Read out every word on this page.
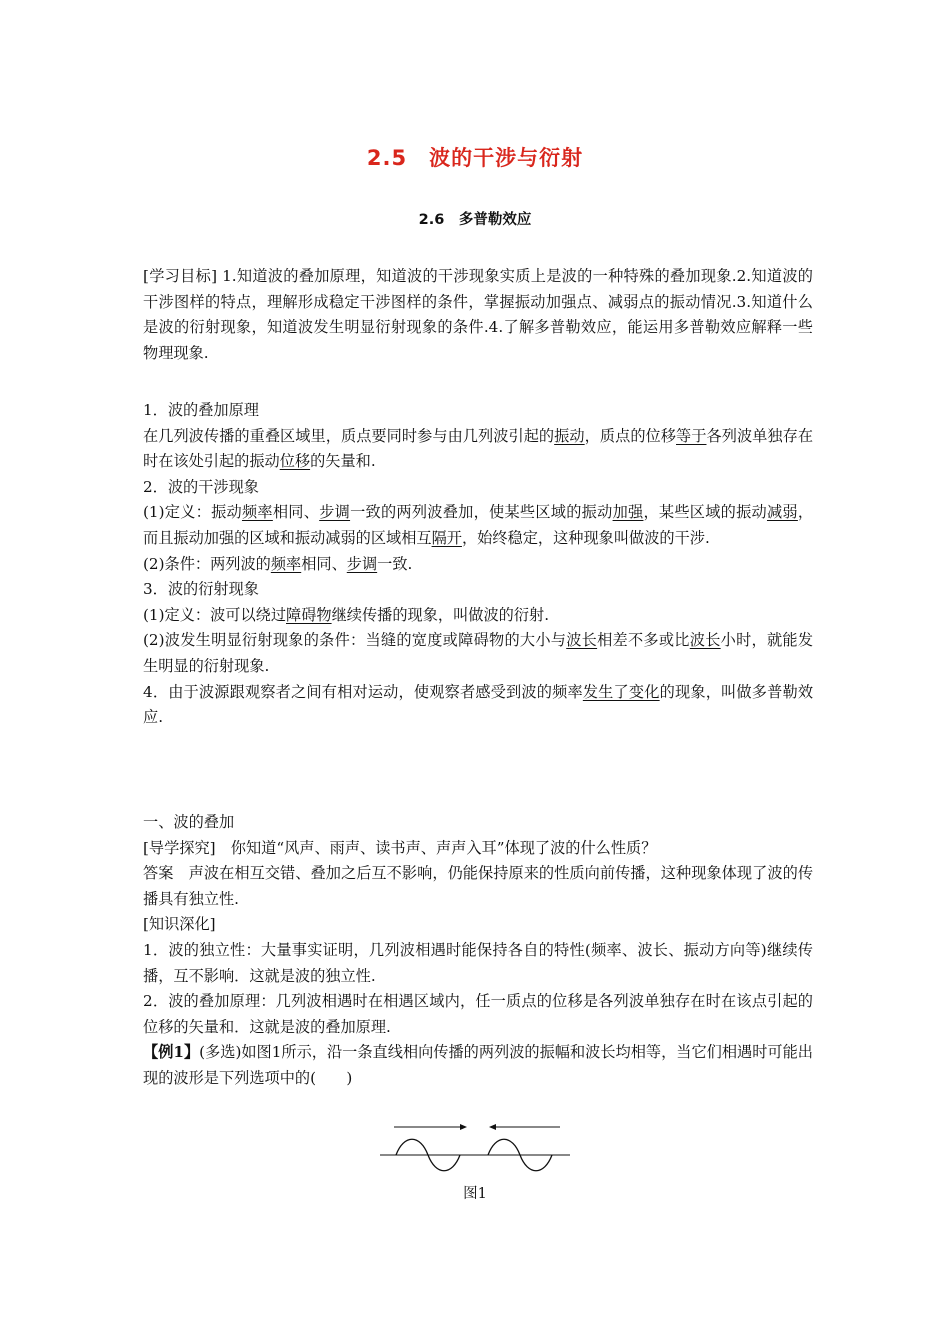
2.5　波的干涉与衍射
2.6　多普勒效应

[学习目标] 1.知道波的叠加原理，知道波的干涉现象实质上是波的一种特殊的叠加现象.2.知道波的干涉图样的特点，理解形成稳定干涉图样的条件，掌握振动加强点、减弱点的振动情况.3.知道什么是波的衍射现象，知道波发生明显衍射现象的条件.4.了解多普勒效应，能运用多普勒效应解释一些物理现象.

1．波的叠加原理

在几列波传播的重叠区域里，质点要同时参与由几列波引起的振动，质点的位移等于各列波单独存在时在该处引起的振动位移的矢量和.

2．波的干涉现象

(1)定义：振动频率相同、步调一致的两列波叠加，使某些区域的振动加强，某些区域的振动减弱，而且振动加强的区域和振动减弱的区域相互隔开，始终稳定，这种现象叫做波的干涉.

(2)条件：两列波的频率相同、步调一致.

3．波的衍射现象

(1)定义：波可以绕过障碍物继续传播的现象，叫做波的衍射.

(2)波发生明显衍射现象的条件：当缝的宽度或障碍物的大小与波长相差不多或比波长小时，就能发生明显的衍射现象.

4．由于波源跟观察者之间有相对运动，使观察者感受到波的频率发生了变化的现象，叫做多普勒效应.

一、波的叠加

[导学探究]　你知道“风声、雨声、读书声、声声入耳”体现了波的什么性质？

答案　声波在相互交错、叠加之后互不影响，仍能保持原来的性质向前传播，这种现象体现了波的传播具有独立性.

[知识深化]

1．波的独立性：大量事实证明，几列波相遇时能保持各自的特性(频率、波长、振动方向等)继续传播，互不影响．这就是波的独立性.

2．波的叠加原理：几列波相遇时在相遇区域内，任一质点的位移是各列波单独存在时在该点引起的位移的矢量和．这就是波的叠加原理.

【例1】(多选)如图1所示，沿一条直线相向传播的两列波的振幅和波长均相等，当它们相遇时可能出现的波形是下列选项中的(　　)

图1
